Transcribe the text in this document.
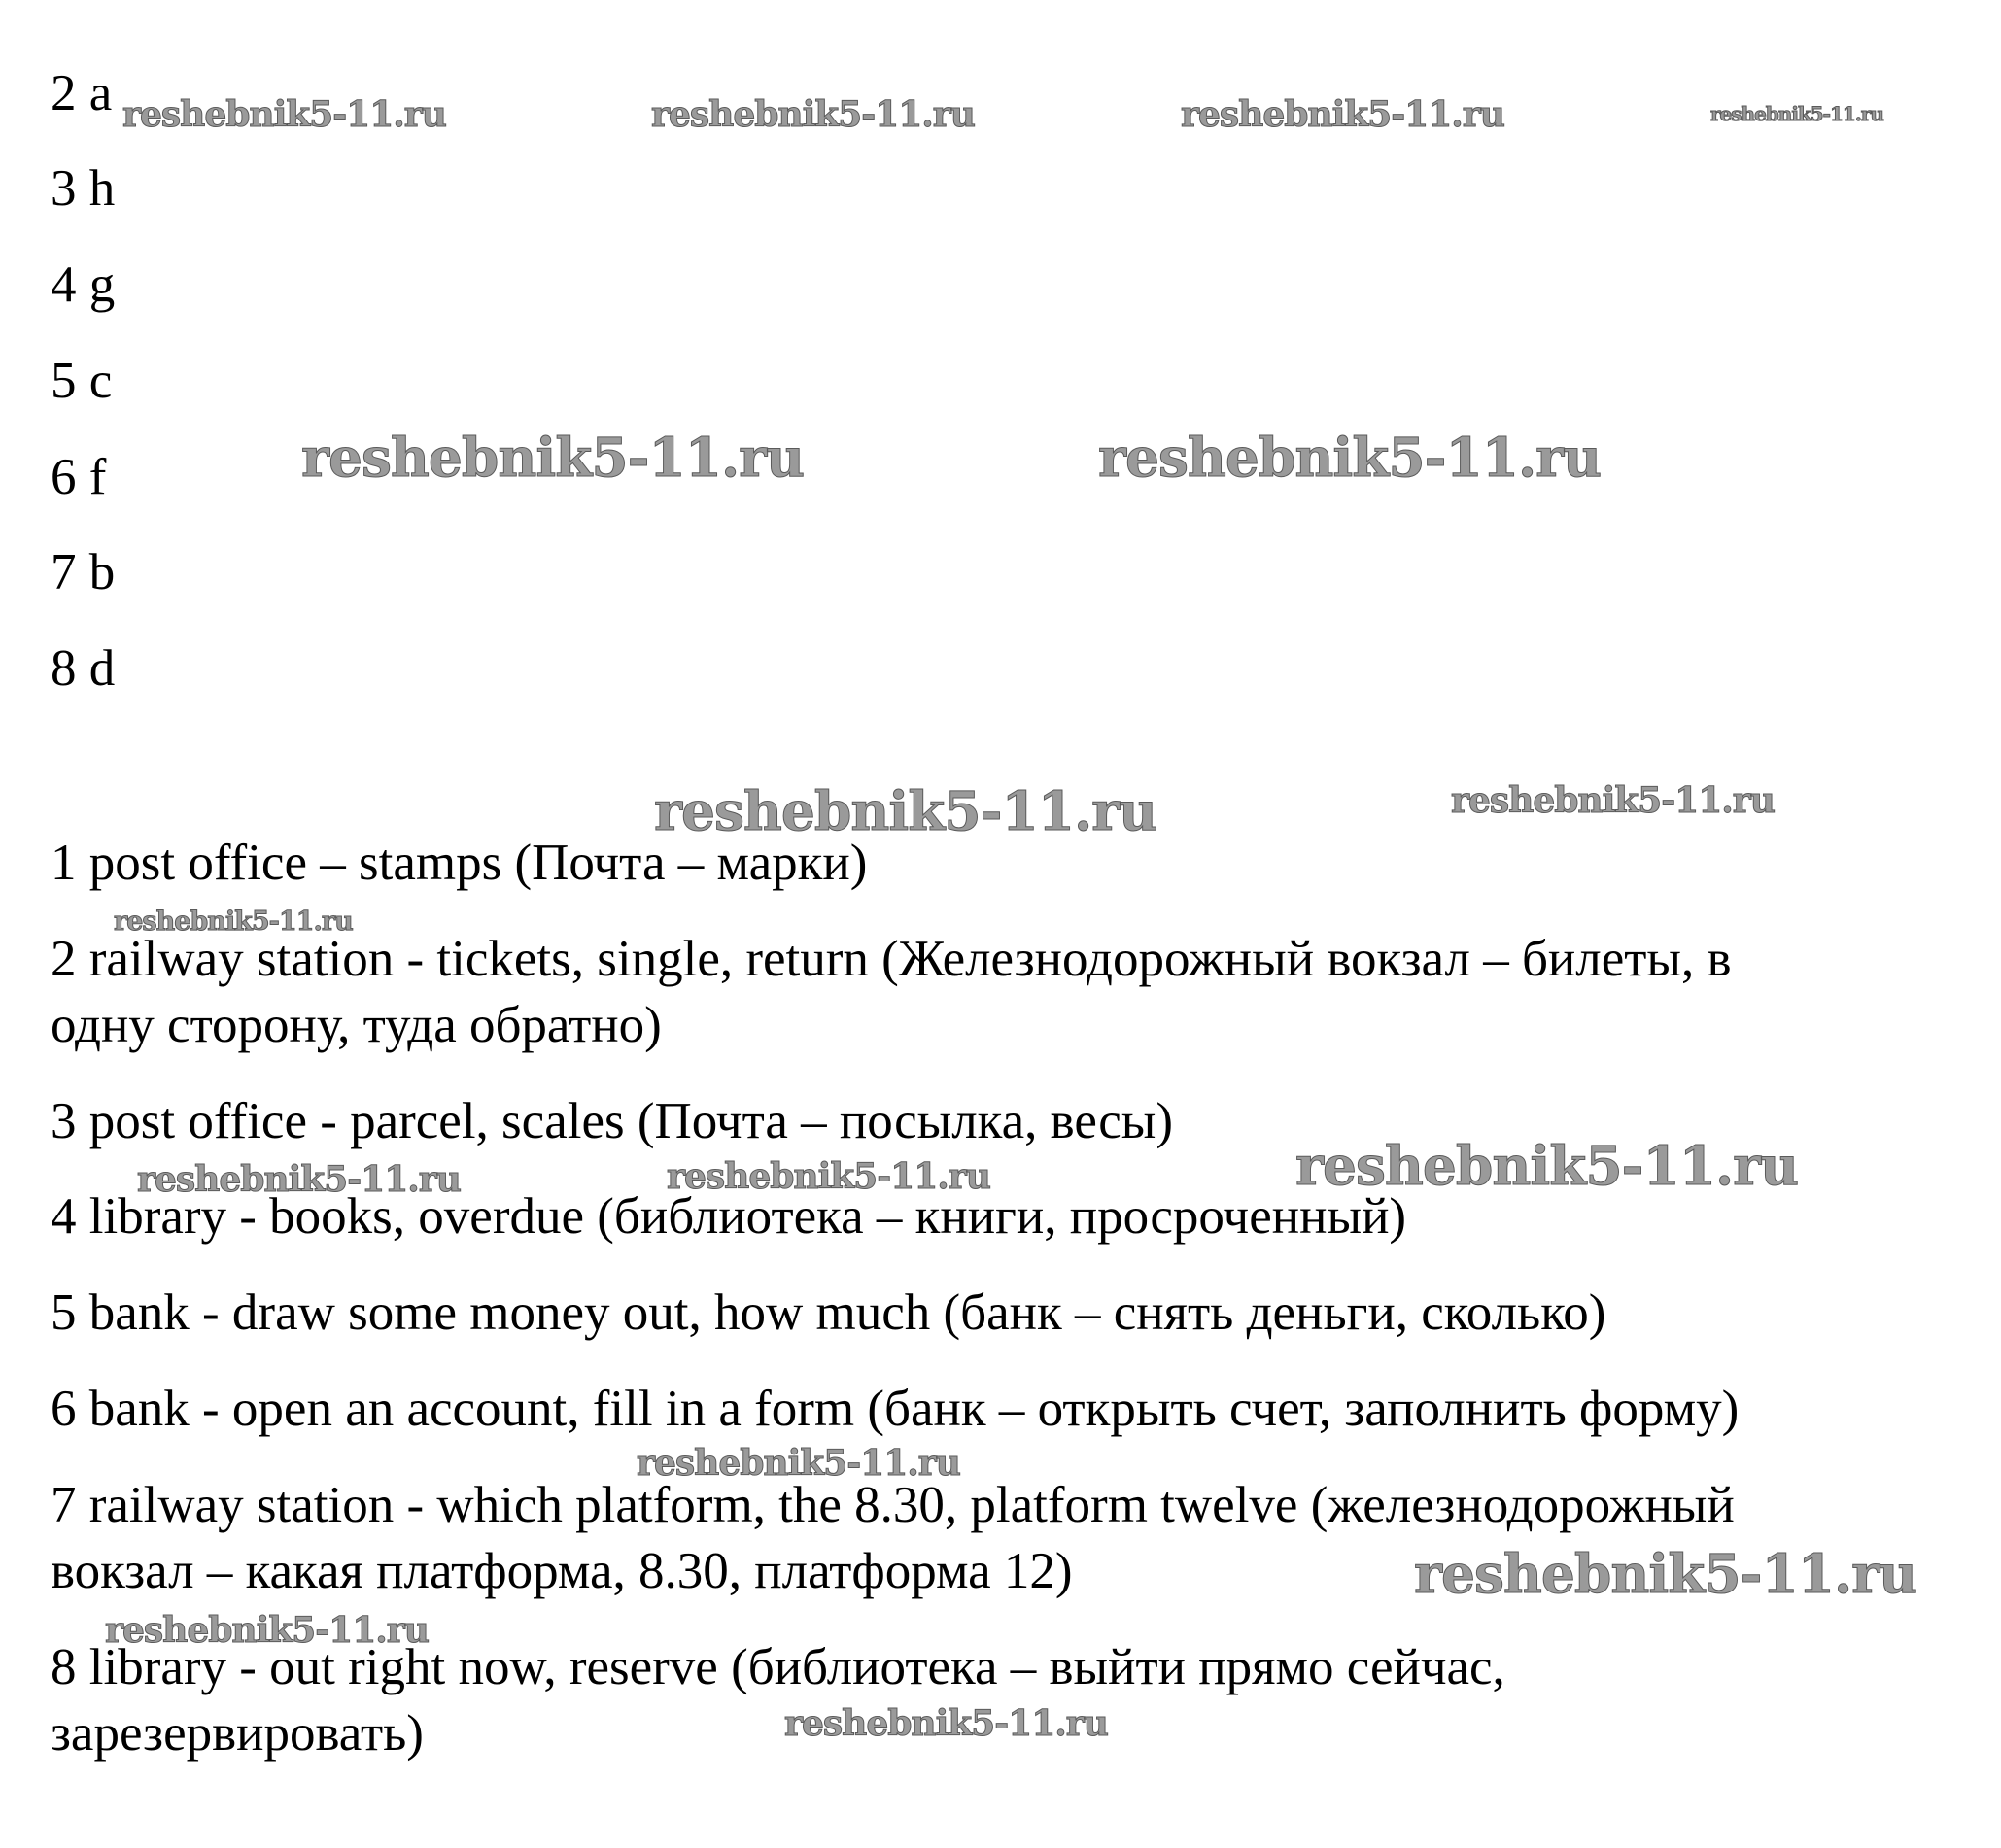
2 a

3 h

4 g

5 c

6 f

7 b

8 d

1 post office – stamps (Почта – марки)

2 railway station - tickets, single, return (Железнодорожный вокзал – билеты, в

одну сторону, туда обратно)

3 post office - parcel, scales (Почта – посылка, весы)

4 library - books, overdue (библиотека – книги, просроченный)

5 bank - draw some money out, how much (банк – снять деньги, сколько)

6 bank - open an account, fill in a form (банк – открыть счет, заполнить форму)

7 railway station - which platform, the 8.30, platform twelve (железнодорожный

вокзал – какая платформа, 8.30, платформа 12)

8 library - out right now, reserve (библиотека – выйти прямо сейчас,

зарезервировать)

reshebnik5-11.ru	reshebnik5-11.ru	reshebnik5-11.ru	reshebnik5-11.ru
reshebnik5-11.ru	reshebnik5-11.ru
reshebnik5-11.ru	reshebnik5-11.ru
reshebnik5-11.ru
reshebnik5-11.ru
reshebnik5-11.ru	reshebnik5-11.ru
reshebnik5-11.ru
reshebnik5-11.ru
reshebnik5-11.ru
reshebnik5-11.ru
